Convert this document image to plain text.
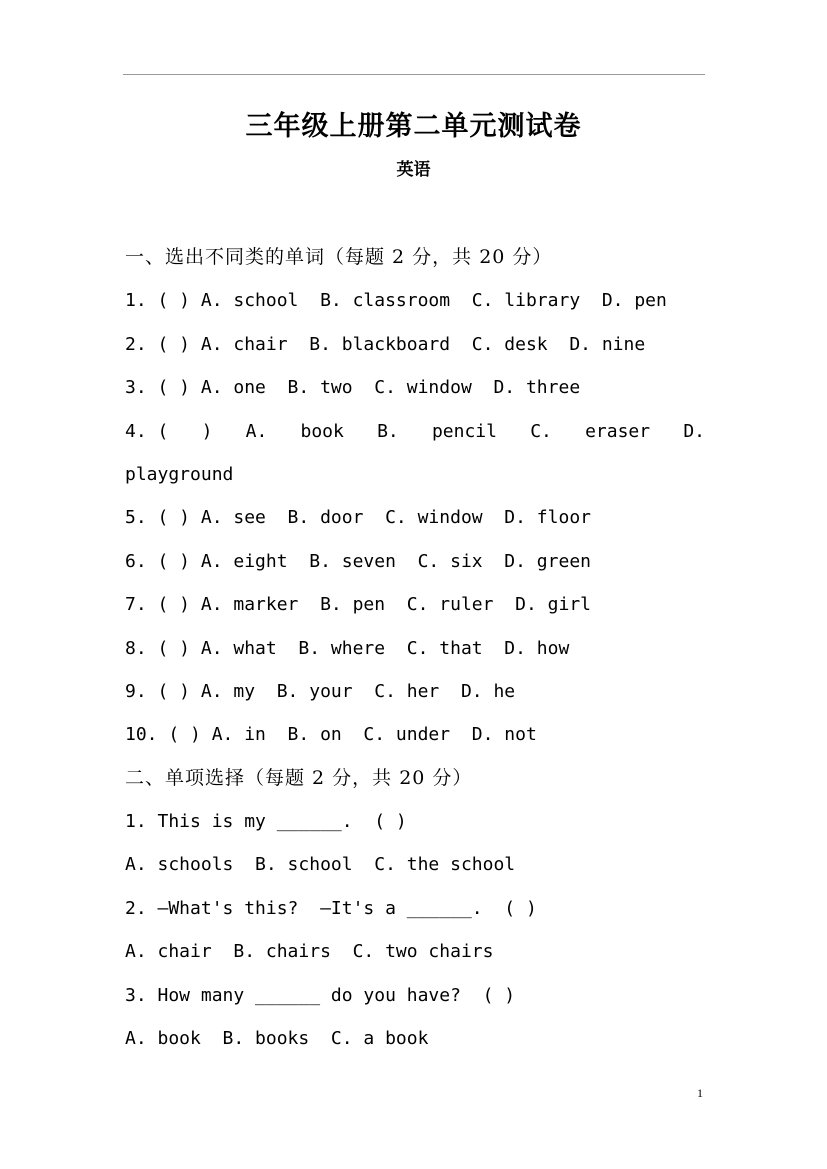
三年级上册第二单元测试卷
英语
一、选出不同类的单词（每题 2 分，共 20 分）
1. ( ) A. school  B. classroom  C. library  D. pen
2. ( ) A. chair  B. blackboard  C. desk  D. nine
3. ( ) A. one  B. two  C. window  D. three
4. ( ) A. book B. pencil C. eraser D.
playground
5. ( ) A. see  B. door  C. window  D. floor
6. ( ) A. eight  B. seven  C. six  D. green
7. ( ) A. marker  B. pen  C. ruler  D. girl
8. ( ) A. what  B. where  C. that  D. how
9. ( ) A. my  B. your  C. her  D. he
10. ( ) A. in  B. on  C. under  D. not
二、单项选择（每题 2 分，共 20 分）
1. This is my ______.  ( )
A. schools  B. school  C. the school
2. —What's this?  —It's a ______.  ( )
A. chair  B. chairs  C. two chairs
3. How many ______ do you have?  ( )
A. book  B. books  C. a book
1
